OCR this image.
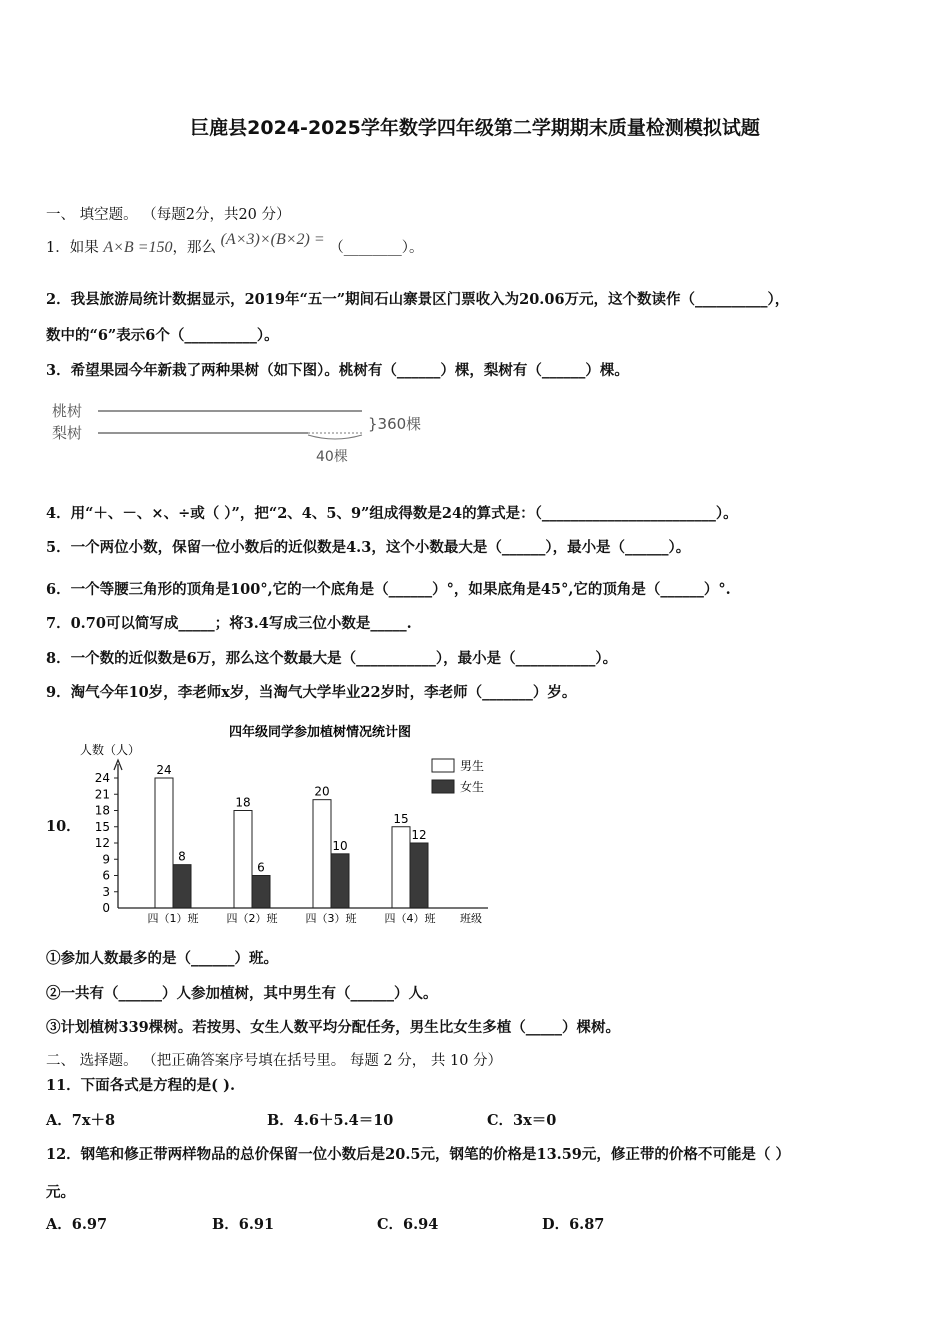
巨鹿县2024-2025学年数学四年级第二学期期末质量检测模拟试题
一、 填空题。 （每题2分，共20 分）
1．如果 A×B =150，那么 (A×3)×(B×2) = （________）。
2．我县旅游局统计数据显示，2019年“五一”期间石山寨景区门票收入为20.06万元，这个数读作（__________），
数中的“6”表示6个（__________）。
3．希望果园今年新栽了两种果树（如下图）。桃树有（______）棵，梨树有（______）棵。
桃树
梨树	}360棵
40棵
4．用“＋、－、×、÷或（ ）”，把“2、4、5、9”组成得数是24的算式是：（________________________）。
5．一个两位小数，保留一位小数后的近似数是4.3，这个小数最大是（______），最小是（______）。
6．一个等腰三角形的顶角是100°,它的一个底角是（______）°，如果底角是45°,它的顶角是（______）°.
7．0.70可以简写成_____；将3.4写成三位小数是_____.
8．一个数的近似数是6万，那么这个数最大是（___________），最小是（___________）。
9．淘气今年10岁，李老师x岁，当淘气大学毕业22岁时，李老师（_______）岁。
10．
四年级同学参加植树情况统计图
人数（人）
0
3
6
9
12
15
18
21
24
24
8
18
6
20
10
15
12
四（1）班	四（2）班	四（3）班	四（4）班 班级
男生
女生
①参加人数最多的是（______）班。
②一共有（______）人参加植树，其中男生有（______）人。
③计划植树339棵树。若按男、女生人数平均分配任务，男生比女生多植（_____）棵树。
二、 选择题。 （把正确答案序号填在括号里。 每题 2 分， 共 10 分）
11．下面各式是方程的是( ).
A．7x＋8	B．4.6＋5.4＝10	C．3x＝0
12．钢笔和修正带两样物品的总价保留一位小数后是20.5元，钢笔的价格是13.59元，修正带的价格不可能是（ ）
元。
A．6.97	B．6.91	C．6.94	D．6.87
